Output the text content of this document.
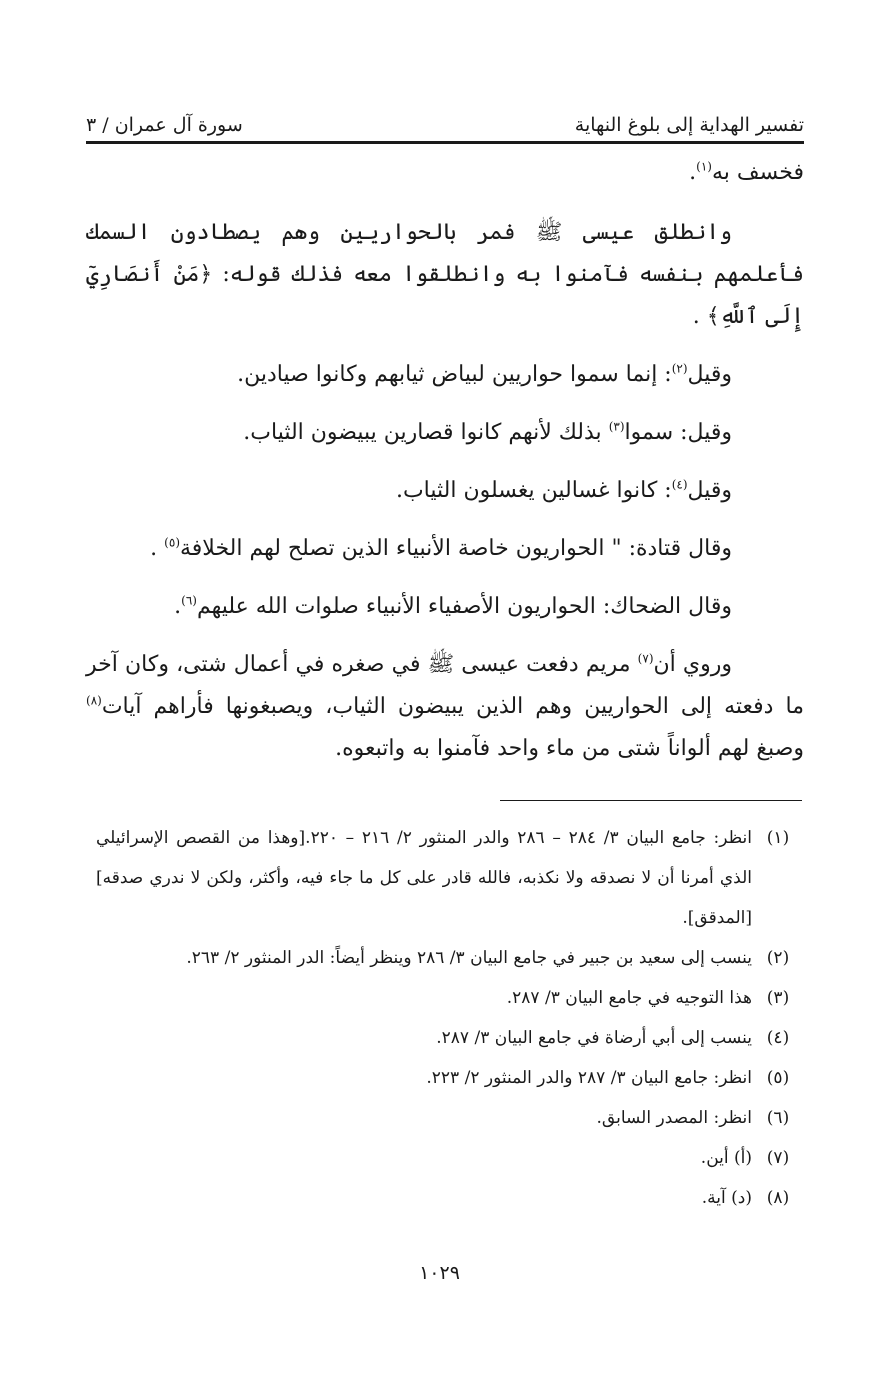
تفسير الهداية إلى بلوغ النهاية
سورة آل عمران / ٣

فخسف به$^{(١)}$.

وانطلق عيسى ﷺ فمر بالحواريين وهم يصطادون السمك فأعلمهم بنفسه فآمنوا به وانطلقوا معه فذلك قوله: ﴿مَنْ أَنصَارِيٓ إِلَى ٱللَّهِ﴾ .

وقيل$^{(٢)}$: إنما سموا حواريين لبياض ثيابهم وكانوا صيادين.

وقيل: سموا$^{(٣)}$ بذلك لأنهم كانوا قصارين يبيضون الثياب.

وقيل$^{(٤)}$: كانوا غسالين يغسلون الثياب.

وقال قتادة: " الحواريون خاصة الأنبياء الذين تصلح لهم الخلافة$^{(٥)}$ .

وقال الضحاك: الحواريون الأصفياء الأنبياء صلوات الله عليهم$^{(٦)}$.

وروي أن$^{(٧)}$ مريم دفعت عيسى ﷺ في صغره في أعمال شتى، وكان آخر ما دفعته إلى الحواريين وهم الذين يبيضون الثياب، ويصبغونها فأراهم آيات$^{(٨)}$ وصبغ لهم ألواناً شتى من ماء واحد فآمنوا به واتبعوه.

(١)
انظر: جامع البيان ٣/ ٢٨٤ – ٢٨٦ والدر المنثور ٢/ ٢١٦ – ٢٢٠.[وهذا من القصص الإسرائيلي الذي أمرنا أن لا نصدقه ولا نكذبه، فالله قادر على كل ما جاء فيه، وأكثر، ولكن لا ندري صدقه] [المدقق].
(٢)
ينسب إلى سعيد بن جبير في جامع البيان ٣/ ٢٨٦ وينظر أيضاً: الدر المنثور ٢/ ٢٦٣.
(٣)
هذا التوجيه في جامع البيان ٣/ ٢٨٧.
(٤)
ينسب إلى أبي أرضاة في جامع البيان ٣/ ٢٨٧.
(٥)
انظر: جامع البيان ٣/ ٢٨٧ والدر المنثور ٢/ ٢٢٣.
(٦)
انظر: المصدر السابق.
(٧)
(أ) أين.
(٨)
(د) آية.
١٠٢٩
